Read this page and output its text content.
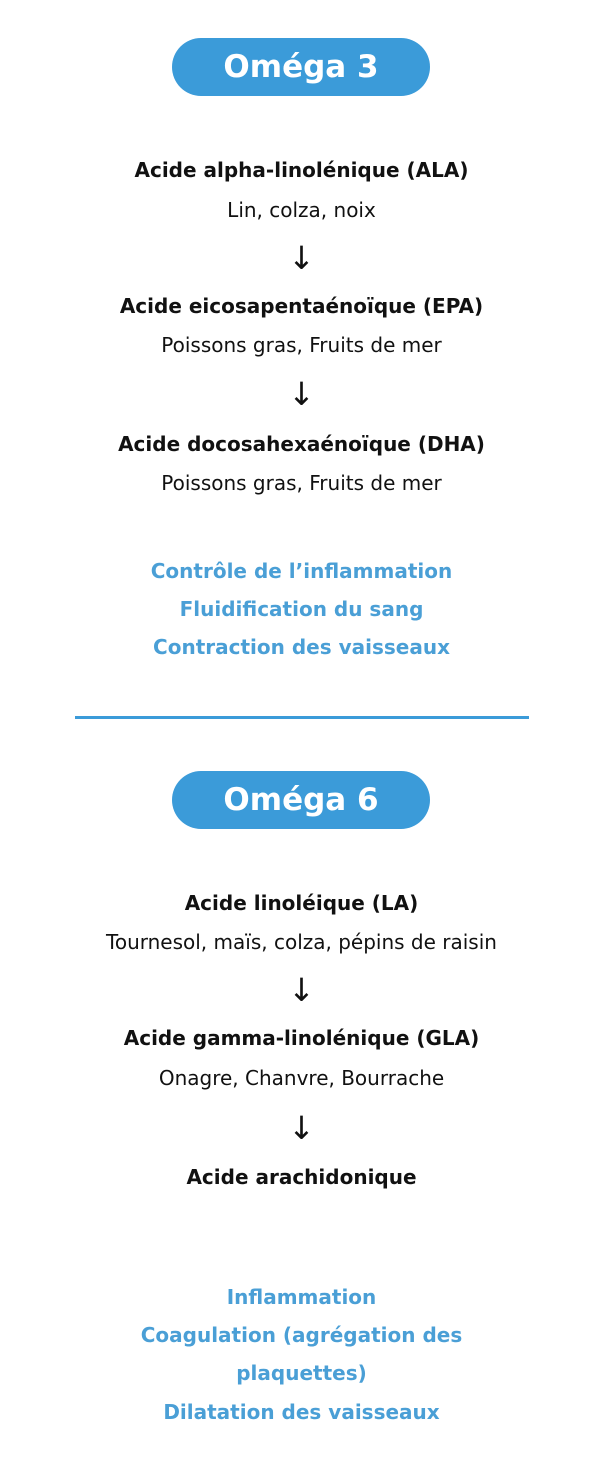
Oméga 3
Acide alpha-linolénique (ALA)
Lin, colza, noix
↓
Acide eicosapentaénoïque (EPA)
Poissons gras, Fruits de mer
↓
Acide docosahexaénoïque (DHA)
Poissons gras, Fruits de mer
Contrôle de l’inflammation
Fluidification du sang
Contraction des vaisseaux
Oméga 6
Acide linoléique (LA)
Tournesol, maïs, colza, pépins de raisin
↓
Acide gamma-linolénique (GLA)
Onagre, Chanvre, Bourrache
↓
Acide arachidonique
Inflammation
Coagulation (agrégation des
plaquettes)
Dilatation des vaisseaux
